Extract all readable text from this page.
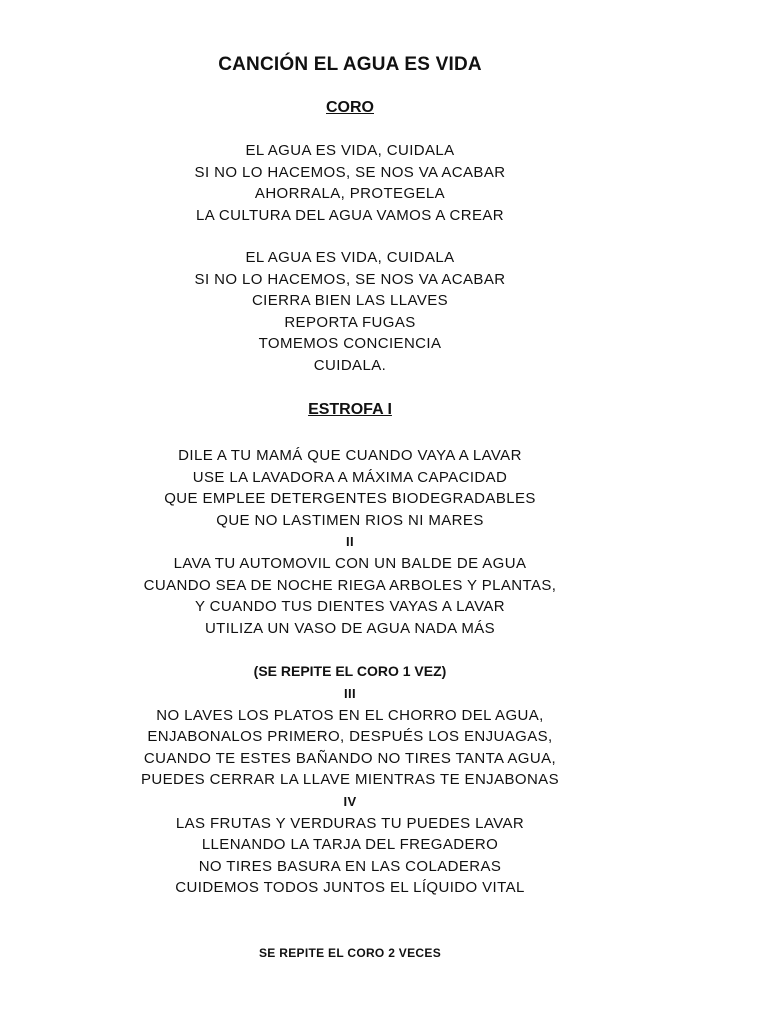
CANCIÓN EL AGUA ES VIDA
CORO
EL AGUA ES VIDA, CUIDALA
SI NO LO HACEMOS, SE NOS VA ACABAR
AHORRALA, PROTEGELA
LA CULTURA DEL AGUA VAMOS A CREAR
EL AGUA ES VIDA, CUIDALA
SI NO LO HACEMOS, SE NOS VA ACABAR
CIERRA BIEN LAS LLAVES
REPORTA FUGAS
TOMEMOS CONCIENCIA
CUIDALA.
ESTROFA I
DILE A TU MAMÁ QUE CUANDO VAYA A LAVAR
USE LA LAVADORA A MÁXIMA CAPACIDAD
QUE EMPLEE DETERGENTES BIODEGRADABLES
QUE NO LASTIMEN RIOS NI MARES
II
LAVA TU AUTOMOVIL CON UN BALDE DE AGUA
CUANDO SEA DE NOCHE RIEGA ARBOLES Y PLANTAS,
Y CUANDO TUS DIENTES VAYAS A LAVAR
UTILIZA UN VASO DE AGUA NADA MÁS

(SE REPITE EL CORO 1 VEZ)

III
NO LAVES LOS PLATOS EN EL CHORRO DEL AGUA,
ENJABONALOS PRIMERO, DESPUÉS LOS ENJUAGAS,
CUANDO TE ESTES BAÑANDO NO TIRES TANTA AGUA,
PUEDES CERRAR LA LLAVE MIENTRAS TE ENJABONAS
IV
LAS FRUTAS Y VERDURAS TU PUEDES LAVAR
LLENANDO LA TARJA DEL FREGADERO
NO TIRES BASURA EN LAS COLADERAS
CUIDEMOS TODOS JUNTOS EL LÍQUIDO VITAL

SE REPITE EL CORO 2 VECES
